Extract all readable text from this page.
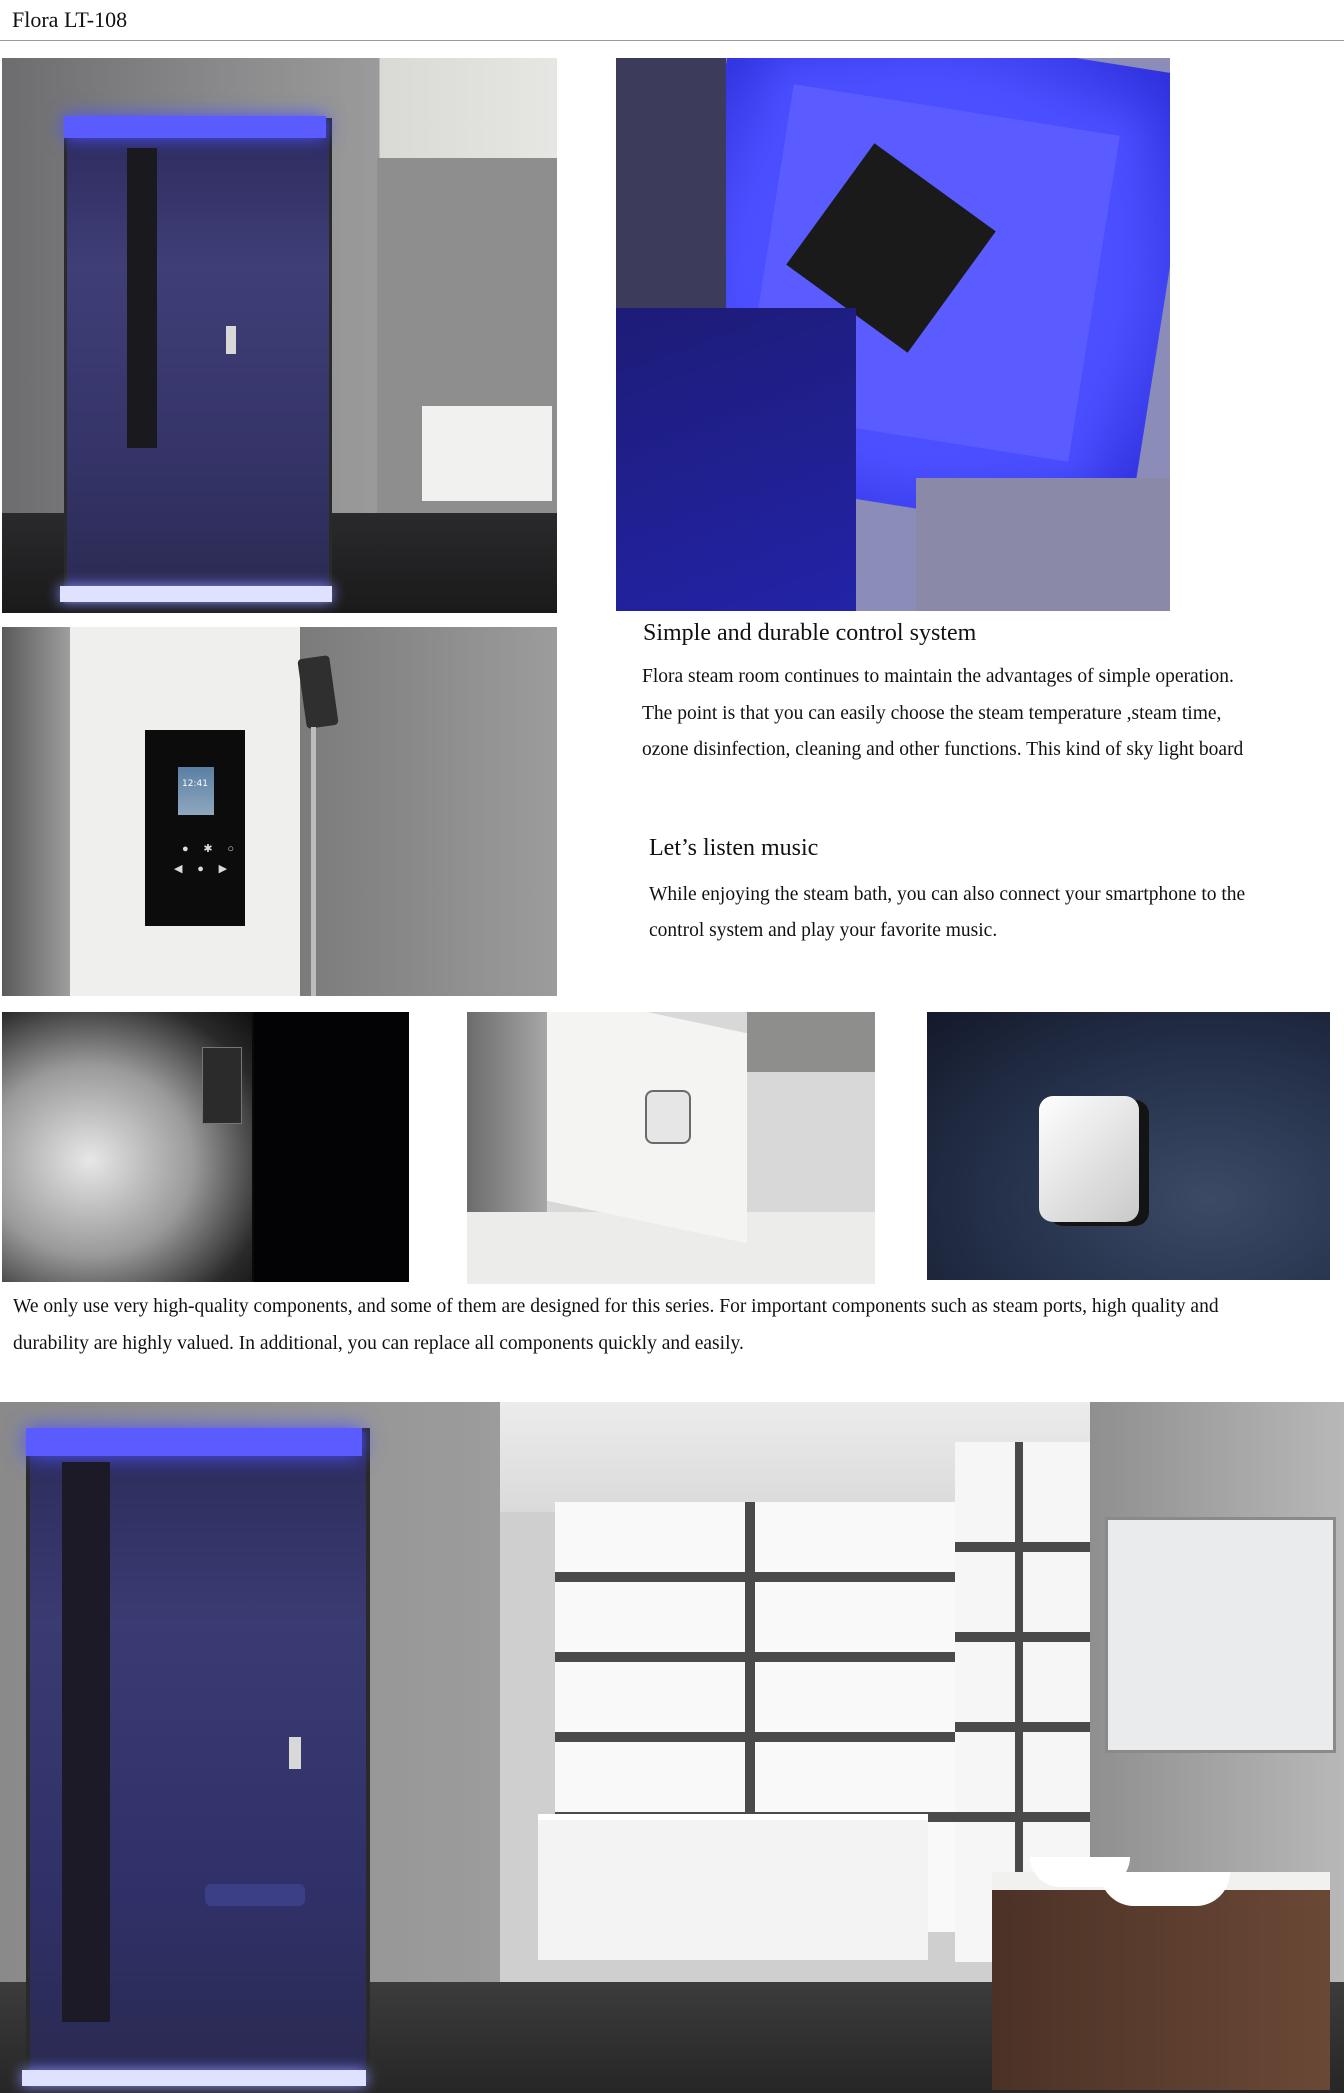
Flora LT-108
12:41
● ✱ ○
◀ ● ▶
Simple and durable control system
Flora steam room continues to maintain the advantages of simple operation.
The point is that you can easily choose the steam temperature ,steam time,
ozone disinfection, cleaning and other functions. This kind of sky light board
Let’s listen music
While enjoying the steam bath, you can also connect your smartphone to the
control system and play your favorite music.
We only use very high-quality components, and some of them are designed for this series. For important components such as steam ports, high quality and
durability are highly valued. In additional, you can replace all components quickly and easily.
